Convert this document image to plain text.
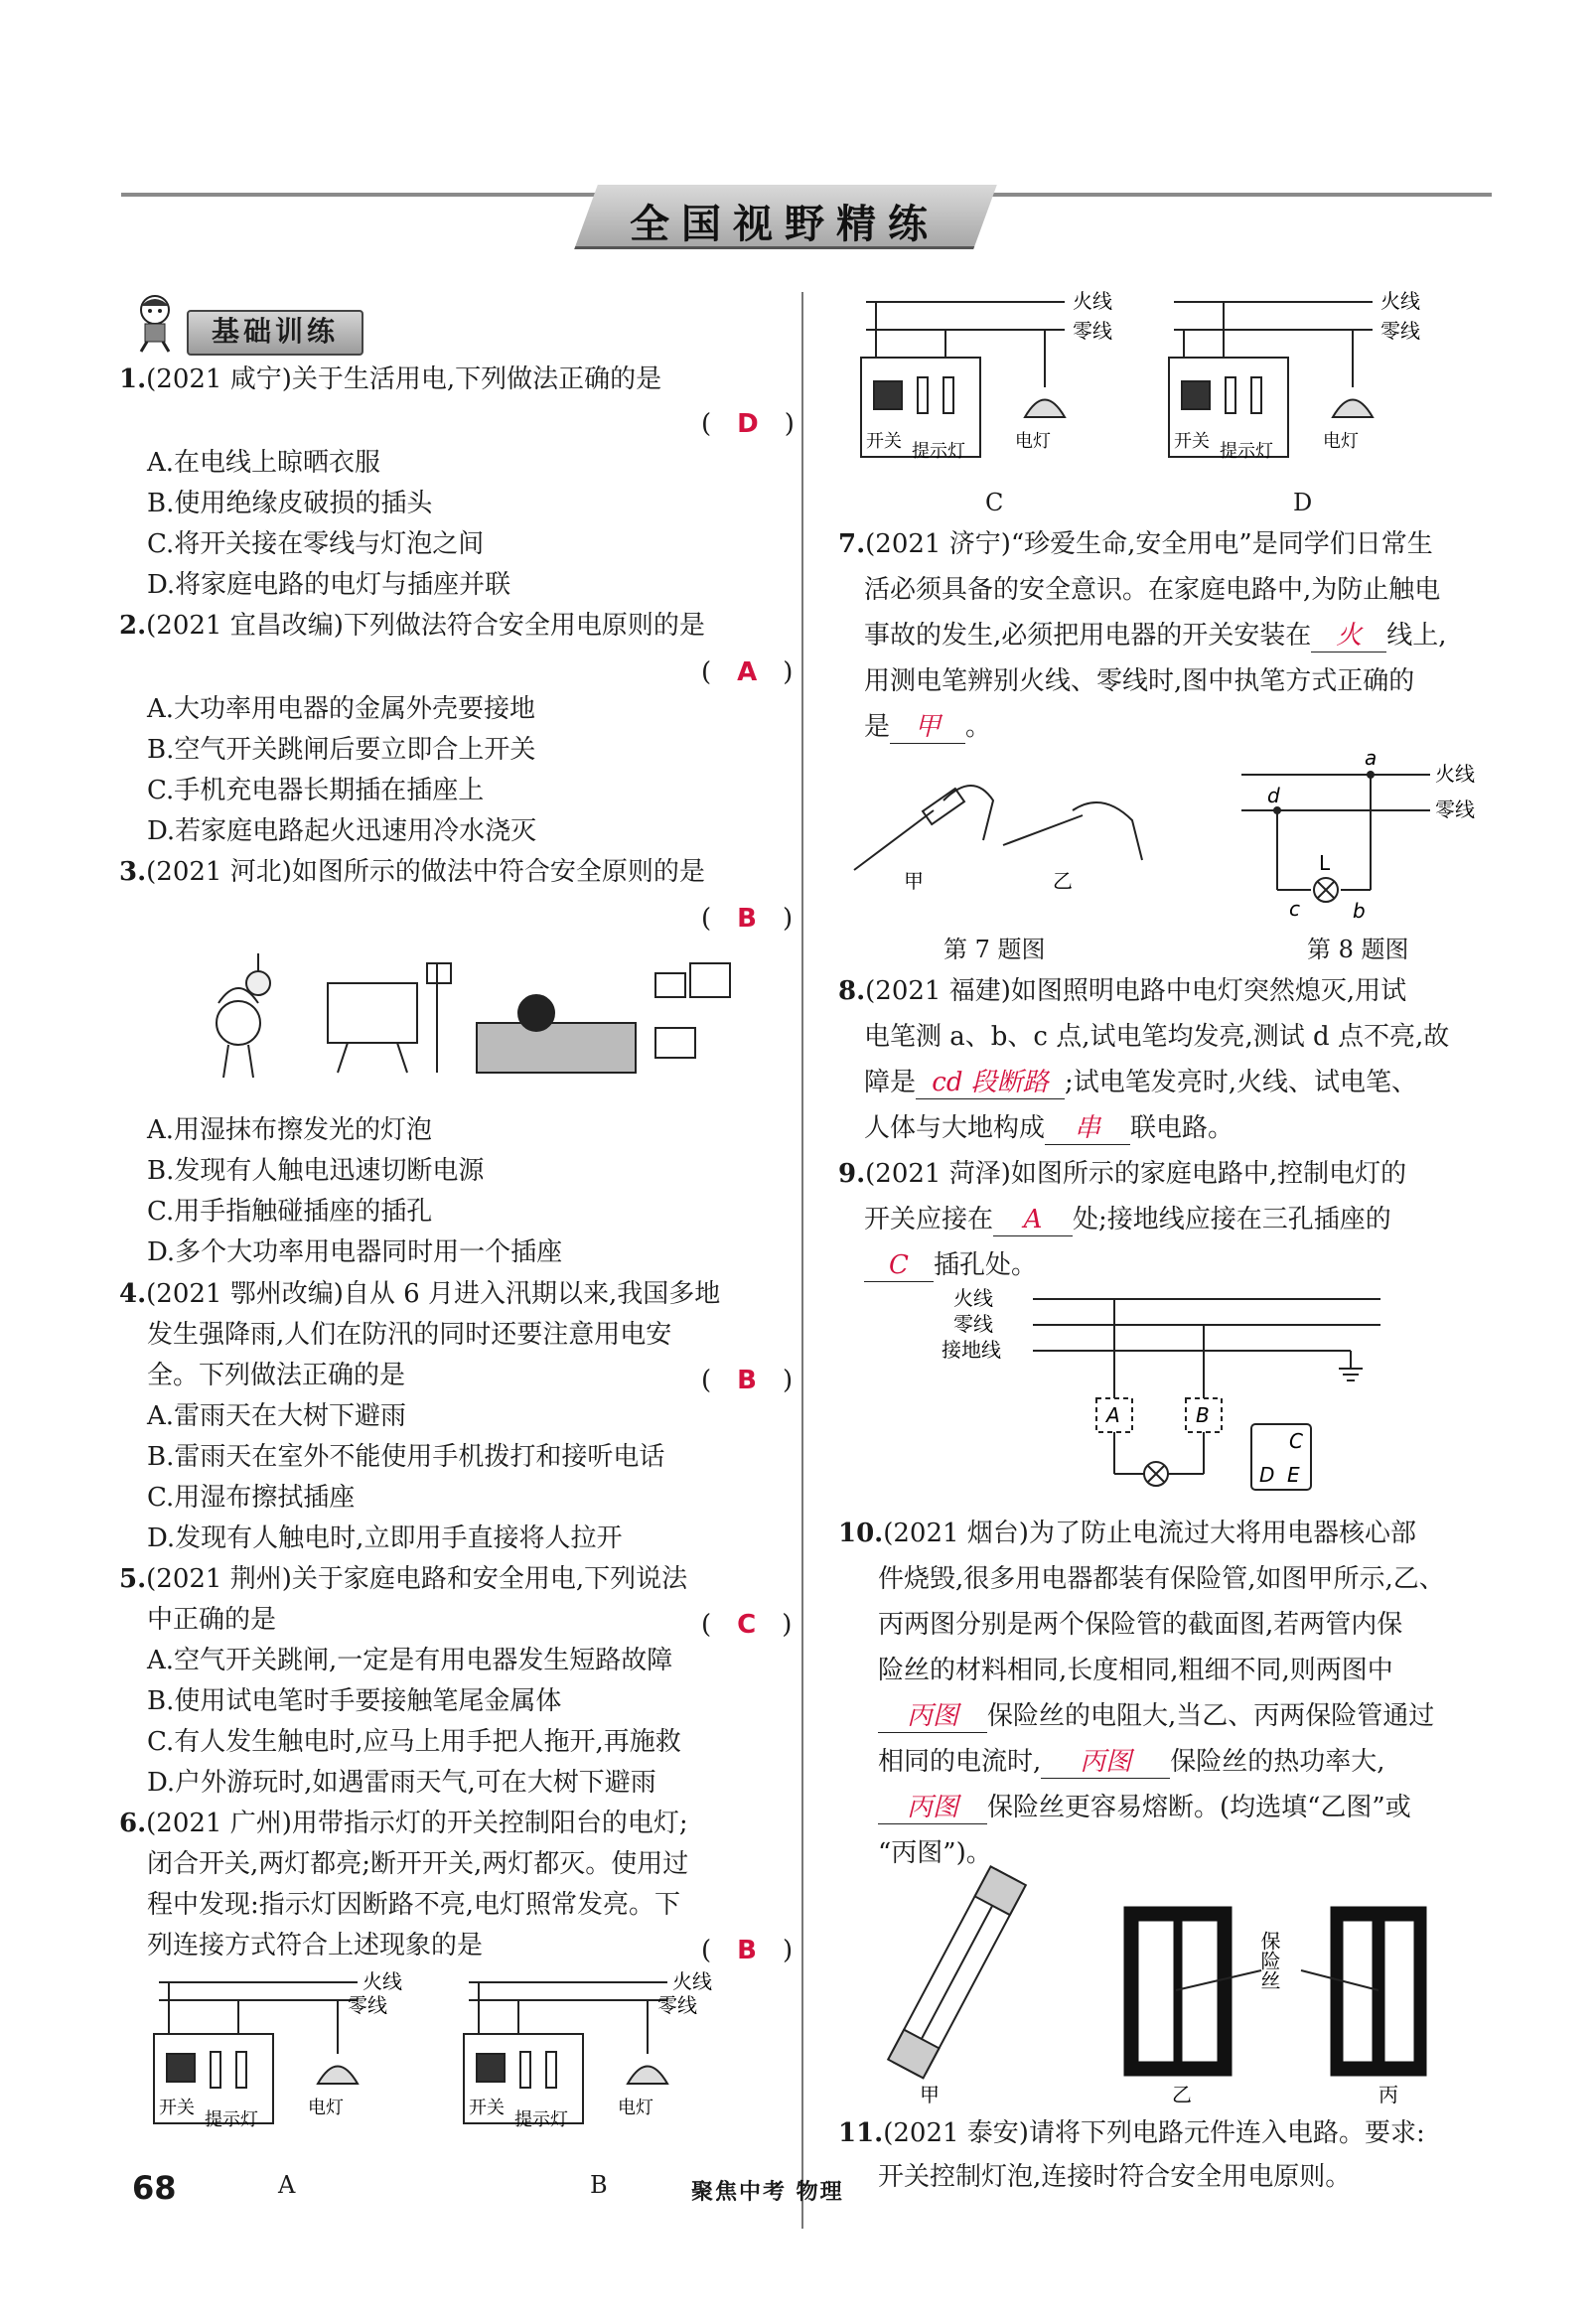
全国视野精练
基础训练
1.(2021 咸宁)关于生活用电,下列做法正确的是
(　D　)
A.在电线上晾晒衣服
B.使用绝缘皮破损的插头
C.将开关接在零线与灯泡之间
D.将家庭电路的电灯与插座并联
2.(2021 宜昌改编)下列做法符合安全用电原则的是
(　A　)
A.大功率用电器的金属外壳要接地
B.空气开关跳闸后要立即合上开关
C.手机充电器长期插在插座上
D.若家庭电路起火迅速用冷水浇灭
3.(2021 河北)如图所示的做法中符合安全原则的是
(　B　)
A.用湿抹布擦发光的灯泡
B.发现有人触电迅速切断电源
C.用手指触碰插座的插孔
D.多个大功率用电器同时用一个插座
4.(2021 鄂州改编)自从 6 月进入汛期以来,我国多地
发生强降雨,人们在防汛的同时还要注意用电安
全。下列做法正确的是	(　B　)
A.雷雨天在大树下避雨
B.雷雨天在室外不能使用手机拨打和接听电话
C.用湿布擦拭插座
D.发现有人触电时,立即用手直接将人拉开
5.(2021 荆州)关于家庭电路和安全用电,下列说法
中正确的是	(　C　)
A.空气开关跳闸,一定是有用电器发生短路故障
B.使用试电笔时手要接触笔尾金属体
C.有人发生触电时,应马上用手把人拖开,再施救
D.户外游玩时,如遇雷雨天气,可在大树下避雨
6.(2021 广州)用带指示灯的开关控制阳台的电灯;
闭合开关,两灯都亮;断开开关,两灯都灭。使用过
程中发现:指示灯因断路不亮,电灯照常发亮。下
列连接方式符合上述现象的是	(　B　)
火线
零线
开关
提示灯
电灯
A
火线
零线
开关
提示灯
电灯
B
火线
零线
开关 提示灯	电灯
C
火线
零线
开关 提示灯	电灯
D
7.(2021 济宁)“珍爱生命,安全用电”是同学们日常生
活必须具备的安全意识。在家庭电路中,为防止触电
事故的发生,必须把用电器的开关安装在 火 线上,
用测电笔辨别火线、零线时,图中执笔方式正确的
是 甲 。
甲	乙
第 7 题图
火线
零线
a
d
L
c	b
第 8 题图
8.(2021 福建)如图照明电路中电灯突然熄灭,用试
电笔测 a、b、c 点,试电笔均发亮,测试 d 点不亮,故
障是 cd 段断路 ;试电笔发亮时,火线、试电笔、
人体与大地构成 串 联电路。
9.(2021 菏泽)如图所示的家庭电路中,控制电灯的
开关应接在 A 处;接地线应接在三孔插座的
C 插孔处。
火线
零线
接地线
A	B
C
D E
10.(2021 烟台)为了防止电流过大将用电器核心部
件烧毁,很多用电器都装有保险管,如图甲所示,乙、
丙两图分别是两个保险管的截面图,若两管内保
险丝的材料相同,长度相同,粗细不同,则两图中
丙图 保险丝的电阻大,当乙、丙两保险管通过
相同的电流时, 丙图 保险丝的热功率大,
丙图 保险丝更容易熔断。(均选填“乙图”或
“丙图”)。
保险丝
甲	乙	丙
11.(2021 泰安)请将下列电路元件连入电路。要求:
开关控制灯泡,连接时符合安全用电原则。
68	聚焦中考 物理
